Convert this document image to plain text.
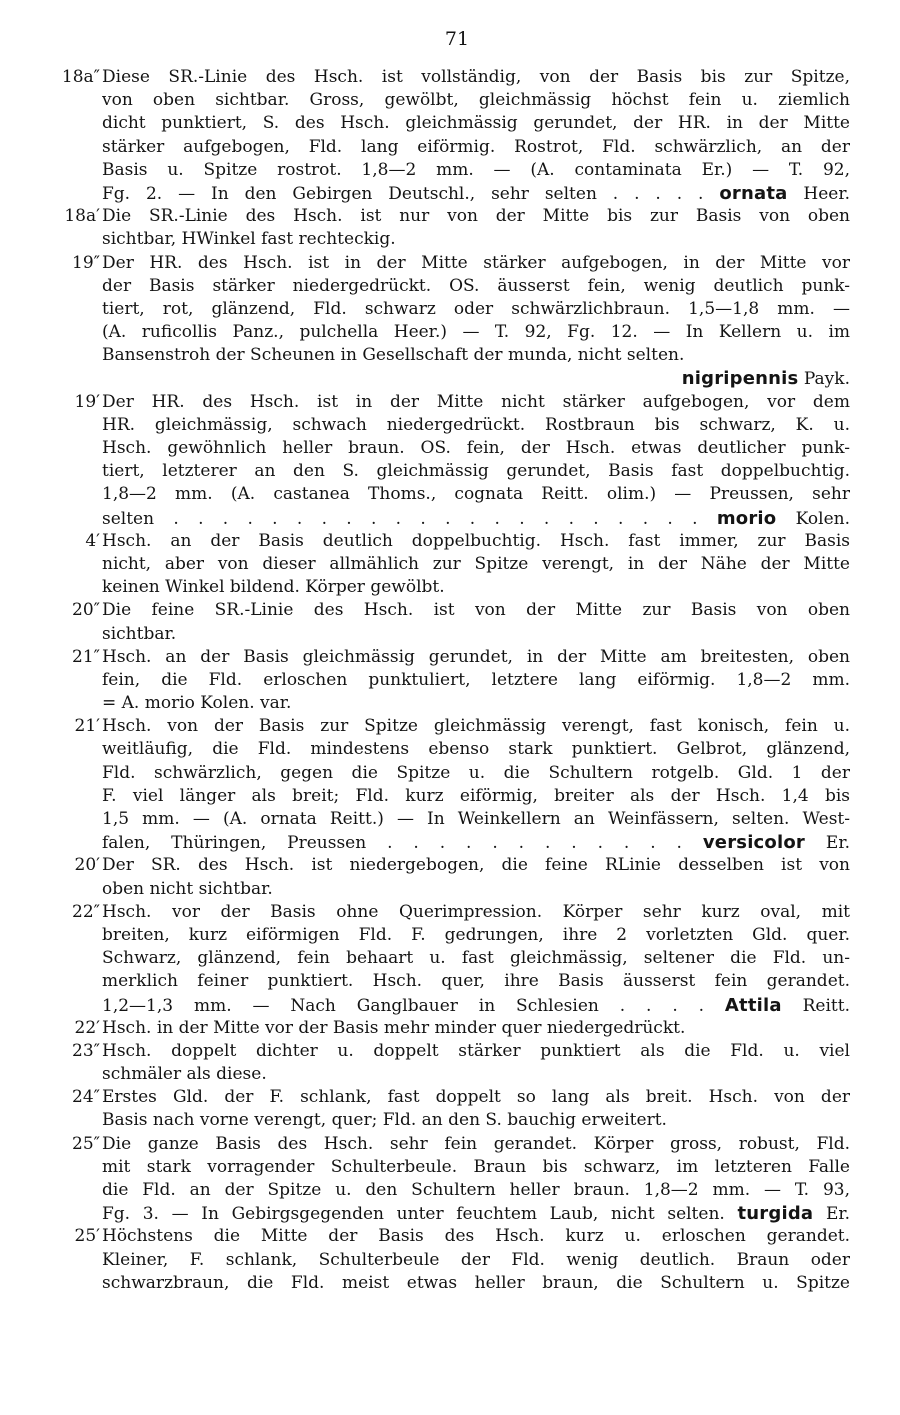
71
18a″ Diese SR.-Linie des Hsch. ist vollständig, von der Basis bis zur Spitze,
von oben sichtbar. Gross, gewölbt, gleichmässig höchst fein u. ziemlich
dicht punktiert, S. des Hsch. gleichmässig gerundet, der HR. in der Mitte
stärker aufgebogen, Fld. lang eiförmig. Rostrot, Fld. schwärzlich, an der
Basis u. Spitze rostrot. 1,8—2 mm. — (A. contaminata Er.) — T. 92,
Fg. 2. — In den Gebirgen Deutschl., sehr selten . . . . . ornata Heer.
18a′ Die SR.-Linie des Hsch. ist nur von der Mitte bis zur Basis von oben
sichtbar, HWinkel fast rechteckig.
19″ Der HR. des Hsch. ist in der Mitte stärker aufgebogen, in der Mitte vor
der Basis stärker niedergedrückt. OS. äusserst fein, wenig deutlich punk-
tiert, rot, glänzend, Fld. schwarz oder schwärzlichbraun. 1,5—1,8 mm. —
(A. ruficollis Panz., pulchella Heer.) — T. 92, Fg. 12. — In Kellern u. im
Bansenstroh der Scheunen in Gesellschaft der munda, nicht selten.
nigripennis Payk.
19′ Der HR. des Hsch. ist in der Mitte nicht stärker aufgebogen, vor dem
HR. gleichmässig, schwach niedergedrückt. Rostbraun bis schwarz, K. u.
Hsch. gewöhnlich heller braun. OS. fein, der Hsch. etwas deutlicher punk-
tiert, letzterer an den S. gleichmässig gerundet, Basis fast doppelbuchtig.
1,8—2 mm. (A. castanea Thoms., cognata Reitt. olim.) — Preussen, sehr
selten . . . . . . . . . . . . . . . . . . . . . . morio Kolen.
4′ Hsch. an der Basis deutlich doppelbuchtig. Hsch. fast immer, zur Basis
nicht, aber von dieser allmählich zur Spitze verengt, in der Nähe der Mitte
keinen Winkel bildend. Körper gewölbt.
20″ Die feine SR.-Linie des Hsch. ist von der Mitte zur Basis von oben
sichtbar.
21″ Hsch. an der Basis gleichmässig gerundet, in der Mitte am breitesten, oben
fein, die Fld. erloschen punktuliert, letztere lang eiförmig. 1,8—2 mm.
= A. morio Kolen. var.
21′ Hsch. von der Basis zur Spitze gleichmässig verengt, fast konisch, fein u.
weitläufig, die Fld. mindestens ebenso stark punktiert. Gelbrot, glänzend,
Fld. schwärzlich, gegen die Spitze u. die Schultern rotgelb. Gld. 1 der
F. viel länger als breit; Fld. kurz eiförmig, breiter als der Hsch. 1,4 bis
1,5 mm. — (A. ornata Reitt.) — In Weinkellern an Weinfässern, selten. West-
falen, Thüringen, Preussen . . . . . . . . . . . . versicolor Er.
20′ Der SR. des Hsch. ist niedergebogen, die feine RLinie desselben ist von
oben nicht sichtbar.
22″ Hsch. vor der Basis ohne Querimpression. Körper sehr kurz oval, mit
breiten, kurz eiförmigen Fld. F. gedrungen, ihre 2 vorletzten Gld. quer.
Schwarz, glänzend, fein behaart u. fast gleichmässig, seltener die Fld. un-
merklich feiner punktiert. Hsch. quer, ihre Basis äusserst fein gerandet.
1,2—1,3 mm. — Nach Ganglbauer in Schlesien . . . . Attila Reitt.
22′ Hsch. in der Mitte vor der Basis mehr minder quer niedergedrückt.
23″ Hsch. doppelt dichter u. doppelt stärker punktiert als die Fld. u. viel
schmäler als diese.
24″ Erstes Gld. der F. schlank, fast doppelt so lang als breit. Hsch. von der
Basis nach vorne verengt, quer; Fld. an den S. bauchig erweitert.
25″ Die ganze Basis des Hsch. sehr fein gerandet. Körper gross, robust, Fld.
mit stark vorragender Schulterbeule. Braun bis schwarz, im letzteren Falle
die Fld. an der Spitze u. den Schultern heller braun. 1,8—2 mm. — T. 93,
Fg. 3. — In Gebirgsgegenden unter feuchtem Laub, nicht selten. turgida Er.
25′ Höchstens die Mitte der Basis des Hsch. kurz u. erloschen gerandet.
Kleiner, F. schlank, Schulterbeule der Fld. wenig deutlich. Braun oder
schwarzbraun, die Fld. meist etwas heller braun, die Schultern u. Spitze
